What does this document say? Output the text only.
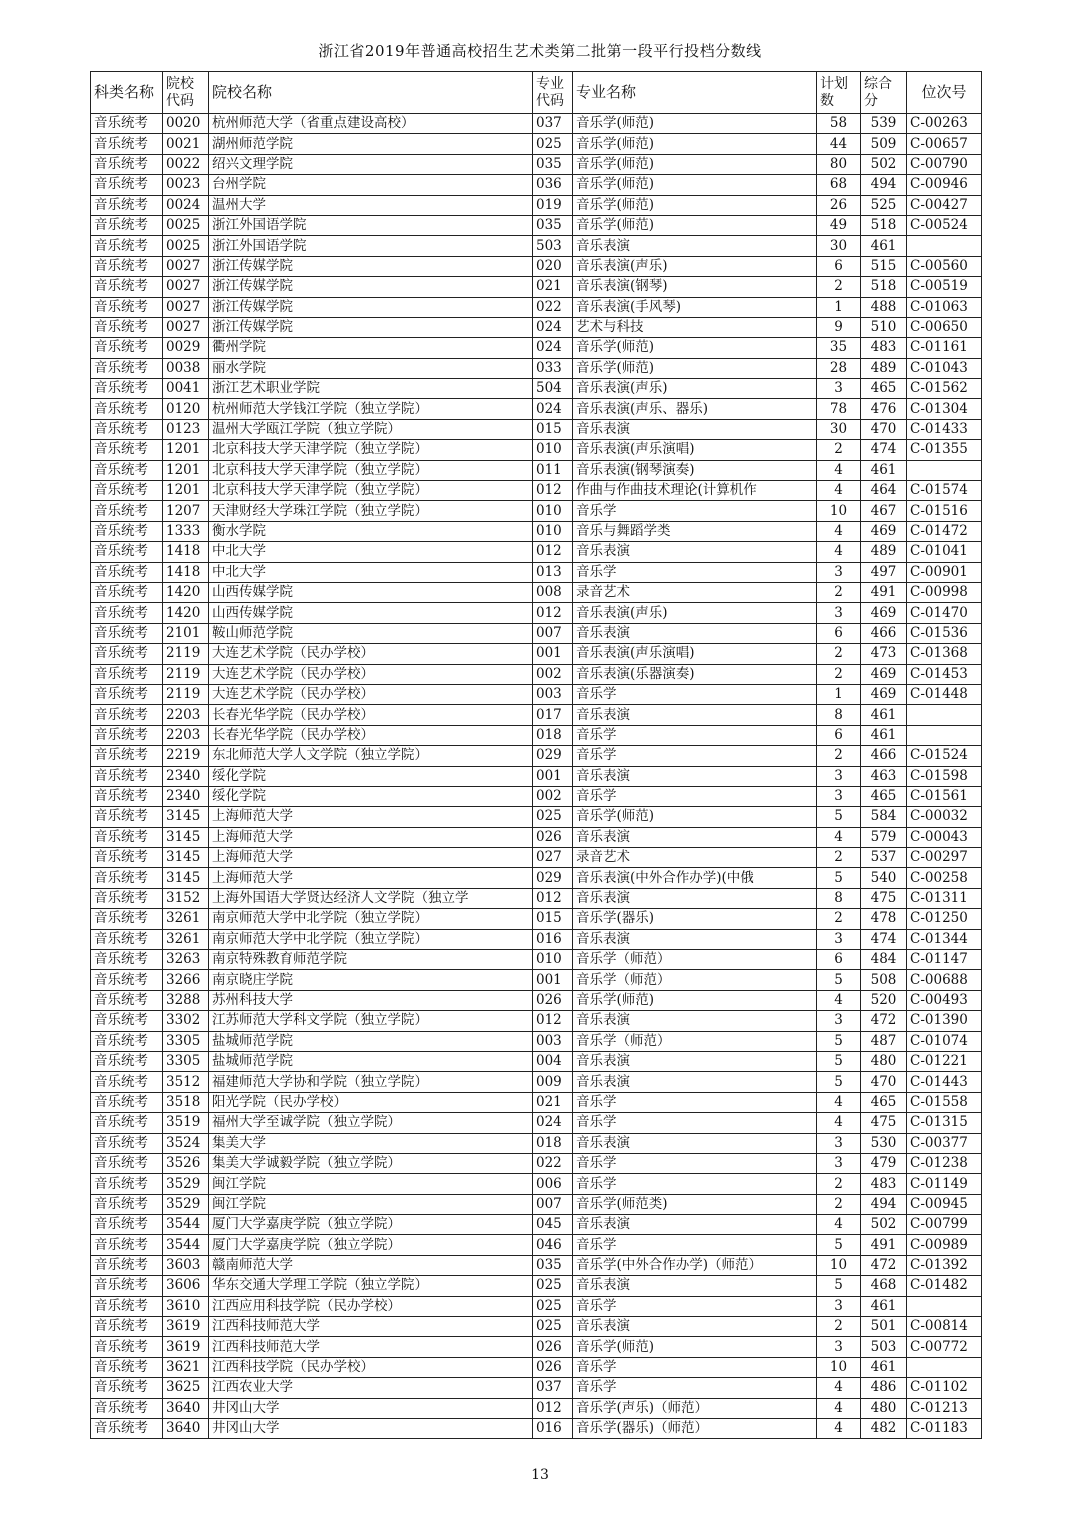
浙江省2019年普通高校招生艺术类第二批第一段平行投档分数线
科类名称	院校代码	院校名称	专业代码	专业名称	计划数	综合分	位次号
音乐统考	0020	杭州师范大学（省重点建设高校）	037	音乐学(师范)	58	539	C-00263
音乐统考	0021	湖州师范学院	025	音乐学(师范)	44	509	C-00657
音乐统考	0022	绍兴文理学院	035	音乐学(师范)	80	502	C-00790
音乐统考	0023	台州学院	036	音乐学(师范)	68	494	C-00946
音乐统考	0024	温州大学	019	音乐学(师范)	26	525	C-00427
音乐统考	0025	浙江外国语学院	035	音乐学(师范)	49	518	C-00524
音乐统考	0025	浙江外国语学院	503	音乐表演	30	461	
音乐统考	0027	浙江传媒学院	020	音乐表演(声乐)	6	515	C-00560
音乐统考	0027	浙江传媒学院	021	音乐表演(钢琴)	2	518	C-00519
音乐统考	0027	浙江传媒学院	022	音乐表演(手风琴)	1	488	C-01063
音乐统考	0027	浙江传媒学院	024	艺术与科技	9	510	C-00650
音乐统考	0029	衢州学院	024	音乐学(师范)	35	483	C-01161
音乐统考	0038	丽水学院	033	音乐学(师范)	28	489	C-01043
音乐统考	0041	浙江艺术职业学院	504	音乐表演(声乐)	3	465	C-01562
音乐统考	0120	杭州师范大学钱江学院（独立学院）	024	音乐表演(声乐、器乐)	78	476	C-01304
音乐统考	0123	温州大学瓯江学院（独立学院）	015	音乐表演	30	470	C-01433
音乐统考	1201	北京科技大学天津学院（独立学院）	010	音乐表演(声乐演唱)	2	474	C-01355
音乐统考	1201	北京科技大学天津学院（独立学院）	011	音乐表演(钢琴演奏)	4	461	
音乐统考	1201	北京科技大学天津学院（独立学院）	012	作曲与作曲技术理论(计算机作	4	464	C-01574
音乐统考	1207	天津财经大学珠江学院（独立学院）	010	音乐学	10	467	C-01516
音乐统考	1333	衡水学院	010	音乐与舞蹈学类	4	469	C-01472
音乐统考	1418	中北大学	012	音乐表演	4	489	C-01041
音乐统考	1418	中北大学	013	音乐学	3	497	C-00901
音乐统考	1420	山西传媒学院	008	录音艺术	2	491	C-00998
音乐统考	1420	山西传媒学院	012	音乐表演(声乐)	3	469	C-01470
音乐统考	2101	鞍山师范学院	007	音乐表演	6	466	C-01536
音乐统考	2119	大连艺术学院（民办学校）	001	音乐表演(声乐演唱)	2	473	C-01368
音乐统考	2119	大连艺术学院（民办学校）	002	音乐表演(乐器演奏)	2	469	C-01453
音乐统考	2119	大连艺术学院（民办学校）	003	音乐学	1	469	C-01448
音乐统考	2203	长春光华学院（民办学校）	017	音乐表演	8	461	
音乐统考	2203	长春光华学院（民办学校）	018	音乐学	6	461	
音乐统考	2219	东北师范大学人文学院（独立学院）	029	音乐学	2	466	C-01524
音乐统考	2340	绥化学院	001	音乐表演	3	463	C-01598
音乐统考	2340	绥化学院	002	音乐学	3	465	C-01561
音乐统考	3145	上海师范大学	025	音乐学(师范)	5	584	C-00032
音乐统考	3145	上海师范大学	026	音乐表演	4	579	C-00043
音乐统考	3145	上海师范大学	027	录音艺术	2	537	C-00297
音乐统考	3145	上海师范大学	029	音乐表演(中外合作办学)(中俄	5	540	C-00258
音乐统考	3152	上海外国语大学贤达经济人文学院（独立学	012	音乐表演	8	475	C-01311
音乐统考	3261	南京师范大学中北学院（独立学院）	015	音乐学(器乐)	2	478	C-01250
音乐统考	3261	南京师范大学中北学院（独立学院）	016	音乐表演	3	474	C-01344
音乐统考	3263	南京特殊教育师范学院	010	音乐学（师范）	6	484	C-01147
音乐统考	3266	南京晓庄学院	001	音乐学（师范）	5	508	C-00688
音乐统考	3288	苏州科技大学	026	音乐学(师范)	4	520	C-00493
音乐统考	3302	江苏师范大学科文学院（独立学院）	012	音乐表演	3	472	C-01390
音乐统考	3305	盐城师范学院	003	音乐学（师范）	5	487	C-01074
音乐统考	3305	盐城师范学院	004	音乐表演	5	480	C-01221
音乐统考	3512	福建师范大学协和学院（独立学院）	009	音乐表演	5	470	C-01443
音乐统考	3518	阳光学院（民办学校）	021	音乐学	4	465	C-01558
音乐统考	3519	福州大学至诚学院（独立学院）	024	音乐学	4	475	C-01315
音乐统考	3524	集美大学	018	音乐表演	3	530	C-00377
音乐统考	3526	集美大学诚毅学院（独立学院）	022	音乐学	3	479	C-01238
音乐统考	3529	闽江学院	006	音乐学	2	483	C-01149
音乐统考	3529	闽江学院	007	音乐学(师范类)	2	494	C-00945
音乐统考	3544	厦门大学嘉庚学院（独立学院）	045	音乐表演	4	502	C-00799
音乐统考	3544	厦门大学嘉庚学院（独立学院）	046	音乐学	5	491	C-00989
音乐统考	3603	赣南师范大学	035	音乐学(中外合作办学)（师范）	10	472	C-01392
音乐统考	3606	华东交通大学理工学院（独立学院）	025	音乐表演	5	468	C-01482
音乐统考	3610	江西应用科技学院（民办学校）	025	音乐学	3	461	
音乐统考	3619	江西科技师范大学	025	音乐表演	2	501	C-00814
音乐统考	3619	江西科技师范大学	026	音乐学(师范)	3	503	C-00772
音乐统考	3621	江西科技学院（民办学校）	026	音乐学	10	461	
音乐统考	3625	江西农业大学	037	音乐学	4	486	C-01102
音乐统考	3640	井冈山大学	012	音乐学(声乐)（师范）	4	480	C-01213
音乐统考	3640	井冈山大学	016	音乐学(器乐)（师范）	4	482	C-01183
13
